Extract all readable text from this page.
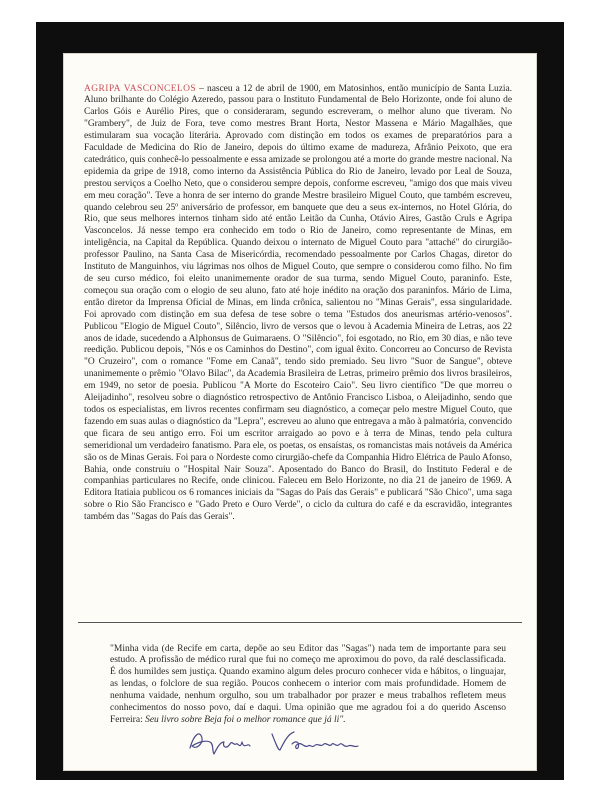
AGRIPA VASCONCELOS – nasceu a 12 de abril de 1900, em Matosinhos, então município de Santa Luzia. Aluno brilhante do Colégio Azeredo, passou para o Instituto Fundamental de Belo Horizonte, onde foi aluno de Carlos Góis e Aurélio Pires, que o consideraram, segundo escreveram, o melhor aluno que tiveram. No "Grambery", de Juiz de Fora, teve como mestres Brant Horta, Nestor Massena e Mário Magalhães, que estimularam sua vocação literária. Aprovado com distinção em todos os exames de preparatórios para a Faculdade de Medicina do Rio de Janeiro, depois do último exame de madureza, Afrânio Peixoto, que era catedrático, quis conhecê-lo pessoalmente e essa amizade se prolongou até a morte do grande mestre nacional. Na epidemia da gripe de 1918, como interno da Assistência Pública do Rio de Janeiro, levado por Leal de Souza, prestou serviços a Coelho Neto, que o considerou sempre depois, conforme escreveu, "amigo dos que mais viveu em meu coração". Teve a honra de ser interno do grande Mestre brasileiro Miguel Couto, que também escreveu, quando celebrou seu 25º aniversário de professor, em banquete que deu a seus ex-internos, no Hotel Glória, do Rio, que seus melhores internos tinham sido até então Leitão da Cunha, Otávio Aires, Gastão Cruls e Agripa Vasconcelos. Já nesse tempo era conhecido em todo o Rio de Janeiro, como representante de Minas, em inteligência, na Capital da República. Quando deixou o internato de Miguel Couto para "attaché" do cirurgião-professor Paulino, na Santa Casa de Misericórdia, recomendado pessoalmente por Carlos Chagas, diretor do Instituto de Manguinhos, viu lágrimas nos olhos de Miguel Couto, que sempre o considerou como filho. No fim de seu curso médico, foi eleito unanimemente orador de sua turma, sendo Miguel Couto, paraninfo. Este, começou sua oração com o elogio de seu aluno, fato até hoje inédito na oração dos paraninfos. Mário de Lima, então diretor da Imprensa Oficial de Minas, em linda crônica, salientou no "Minas Gerais", essa singularidade. Foi aprovado com distinção em sua defesa de tese sobre o tema "Estudos dos aneurismas artério-venosos". Publicou "Elogio de Miguel Couto", Silêncio, livro de versos que o levou à Academia Mineira de Letras, aos 22 anos de idade, sucedendo a Alphonsus de Guimaraens. O "Silêncio", foi esgotado, no Rio, em 30 dias, e não teve reedição. Publicou depois, "Nós e os Caminhos do Destino", com igual êxito. Concorreu ao Concurso de Revista "O Cruzeiro", com o romance "Fome em Canaã", tendo sido premiado. Seu livro "Suor de Sangue", obteve unanimemente o prêmio "Olavo Bilac", da Academia Brasileira de Letras, primeiro prêmio dos livros brasileiros, em 1949, no setor de poesia. Publicou "A Morte do Escoteiro Caio". Seu livro científico "De que morreu o Aleijadinho", resolveu sobre o diagnóstico retrospectivo de Antônio Francisco Lisboa, o Aleijadinho, sendo que todos os especialistas, em livros recentes confirmam seu diagnóstico, a começar pelo mestre Miguel Couto, que fazendo em suas aulas o diagnóstico da "Lepra", escreveu ao aluno que entregava a mão à palmatória, convencido que ficara de seu antigo erro. Foi um escritor arraigado ao povo e à terra de Minas, tendo pela cultura semeridional um verdadeiro fanatismo. Para ele, os poetas, os ensaístas, os romancistas mais notáveis da América são os de Minas Gerais. Foi para o Nordeste como cirurgião-chefe da Companhia Hidro Elétrica de Paulo Afonso, Bahia, onde construiu o "Hospital Nair Souza". Aposentado do Banco do Brasil, do Instituto Federal e de companhias particulares no Recife, onde clinicou. Faleceu em Belo Horizonte, no dia 21 de janeiro de 1969. A Editora Itatiaia publicou os 6 romances iniciais da "Sagas do País das Gerais" e publicará "São Chico", uma saga sobre o Rio São Francisco e "Gado Preto e Ouro Verde", o ciclo da cultura do café e da escravidão, integrantes também das "Sagas do País das Gerais".

"Minha vida (de Recife em carta, depõe ao seu Editor das "Sagas") nada tem de importante para seu estudo. A profissão de médico rural que fui no começo me aproximou do povo, da ralé desclassificada. É dos humildes sem justiça. Quando examino algum deles procuro conhecer vida e hábitos, o linguajar, as lendas, o folclore de sua região. Poucos conhecem o interior com mais profundidade. Homem de nenhuma vaidade, nenhum orgulho, sou um trabalhador por prazer e meus trabalhos refletem meus conhecimentos do nosso povo, daí e daqui. Uma opinião que me agradou foi a do querido Ascenso Ferreira: Seu livro sobre Beja foi o melhor romance que já li".
